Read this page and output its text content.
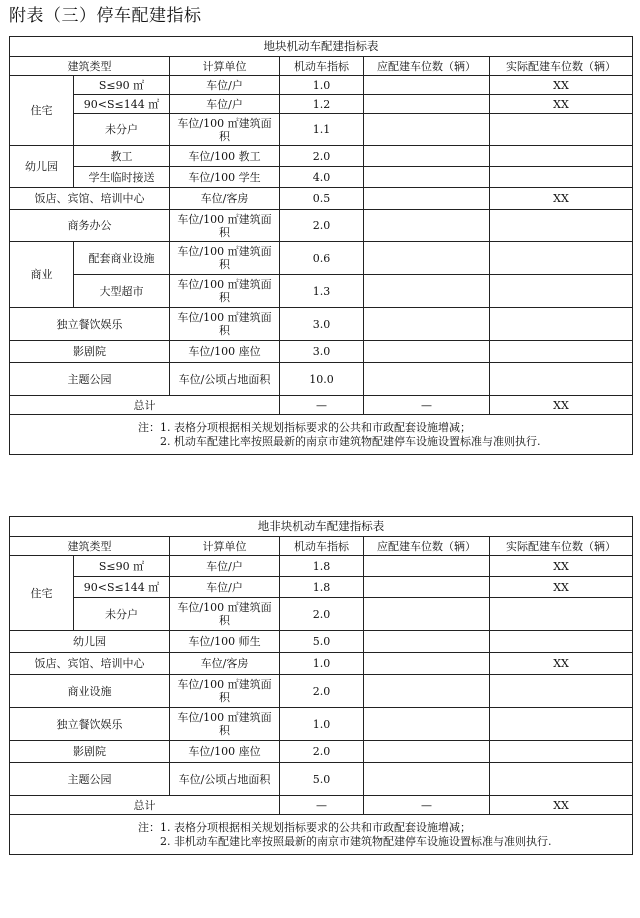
附表（三）停车配建指标
地块机动车配建指标表					
建筑类型		计算单位	机动车指标	应配建车位数（辆）	实际配建车位数（辆）
住宅	S≤90 ㎡	车位/户	1.0		XX
	90<S≤144 ㎡	车位/户	1.2		XX
	未分户	车位/100 ㎡建筑面积	1.1		
幼儿园	教工	车位/100 教工	2.0		
	学生临时接送	车位/100 学生	4.0		
饭店、宾馆、培训中心		车位/客房	0.5		XX
商务办公		车位/100 ㎡建筑面积	2.0		
商业	配套商业设施	车位/100 ㎡建筑面积	0.6		
	大型超市	车位/100 ㎡建筑面积	1.3		
独立餐饮娱乐		车位/100 ㎡建筑面积	3.0		
影剧院		车位/100 座位	3.0		
主题公园		车位/公顷占地面积	10.0		
总计			—	—	XX

注：1. 表格分项根据相关规划指标要求的公共和市政配套设施增减；
2. 机动车配建比率按照最新的南京市建筑物配建停车设施设置标准与准则执行.					
地非块机动车配建指标表					
建筑类型		计算单位	机动车指标	应配建车位数（辆）	实际配建车位数（辆）
住宅	S≤90 ㎡	车位/户	1.8		XX
	90<S≤144 ㎡	车位/户	1.8		XX
	未分户	车位/100 ㎡建筑面积	2.0		
幼儿园		车位/100 师生	5.0		
饭店、宾馆、培训中心		车位/客房	1.0		XX
商业设施		车位/100 ㎡建筑面积	2.0		
独立餐饮娱乐		车位/100 ㎡建筑面积	1.0		
影剧院		车位/100 座位	2.0		
主题公园		车位/公顷占地面积	5.0		
总计			—	—	XX

注：1. 表格分项根据相关规划指标要求的公共和市政配套设施增减；
2. 非机动车配建比率按照最新的南京市建筑物配建停车设施设置标准与准则执行.					
